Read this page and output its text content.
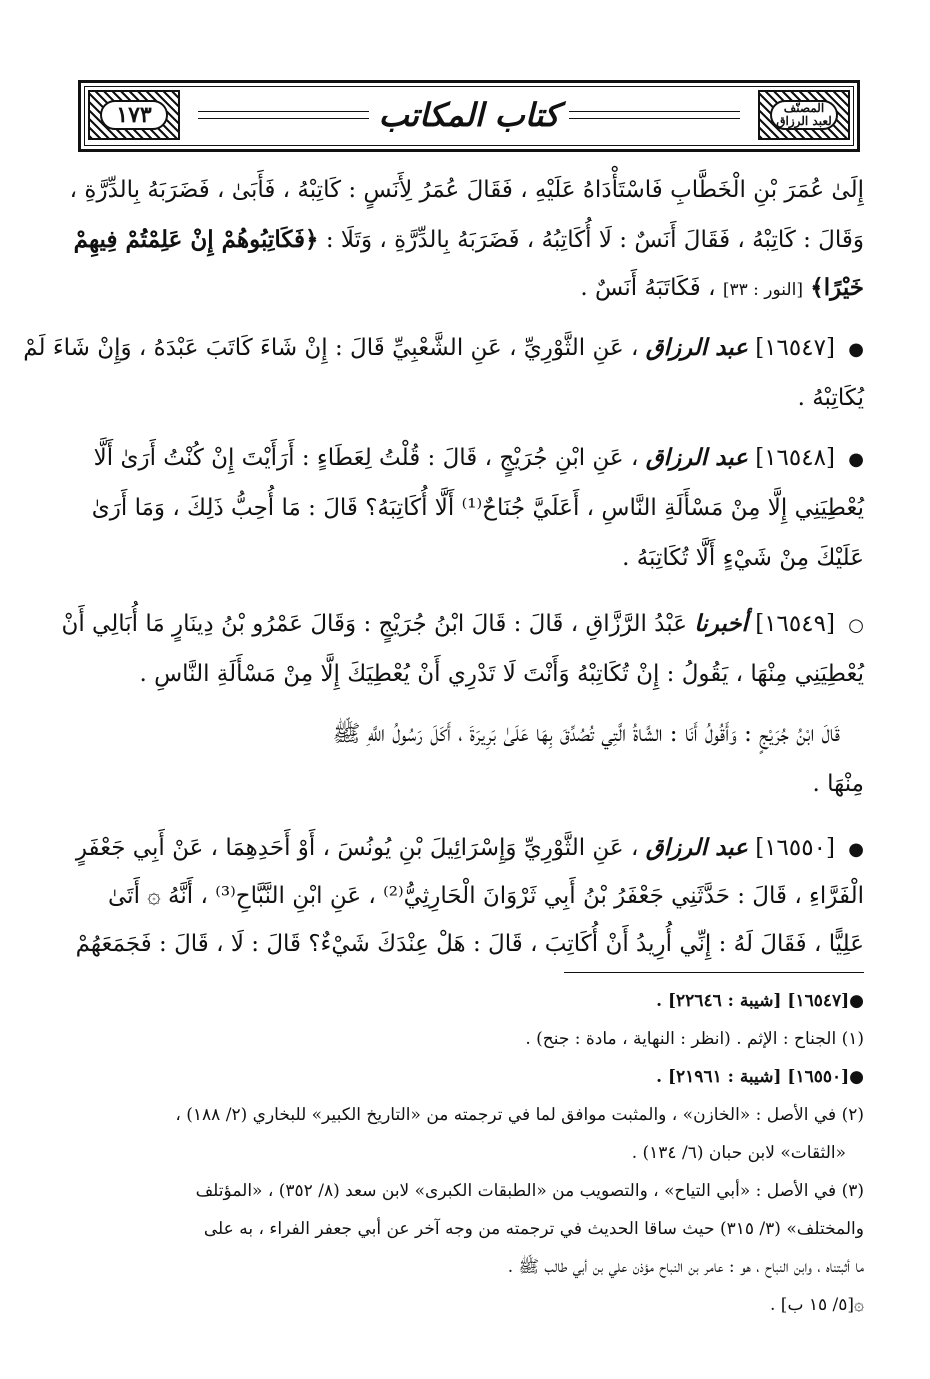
١٧٣	كتاب المكاتب	المصنّف
لعبد الرزاق
إِلَىٰ عُمَرَ بْنِ الْخَطَّابِ فَاسْتَأْدَاهُ عَلَيْهِ ، فَقَالَ عُمَرُ لِأَنَسٍ : كَاتِبْهُ ، فَأَبَىٰ ، فَضَرَبَهُ بِالدِّرَّةِ ،
وَقَالَ : كَاتِبْهُ ، فَقَالَ أَنَسٌ : لَا أُكَاتِبُهُ ، فَضَرَبَهُ بِالدِّرَّةِ ، وَتَلَا : ﴿فَكَاتِبُوهُمْ إِنْ عَلِمْتُمْ فِيهِمْ
خَيْرًا﴾ [النور : ٣٣] ، فَكَاتَبَهُ أَنَسٌ .
● [١٦٥٤٧] عبد الرزاق ، عَنِ الثَّوْرِيِّ ، عَنِ الشَّعْبِيِّ قَالَ : إِنْ شَاءَ كَاتَبَ عَبْدَهُ ، وَإِنْ شَاءَ لَمْ
يُكَاتِبْهُ .
● [١٦٥٤٨] عبد الرزاق ، عَنِ ابْنِ جُرَيْجٍ ، قَالَ : قُلْتُ لِعَطَاءٍ : أَرَأَيْتَ إِنْ كُنْتُ أَرَىٰ أَلَّا
يُعْطِيَنِي إِلَّا مِنْ مَسْأَلَةِ النَّاسِ ، أَعَلَيَّ جُنَاحٌ⁽¹⁾ أَلَّا أُكَاتِبَهُ؟ قَالَ : مَا أُحِبُّ ذَلِكَ ، وَمَا أَرَىٰ
عَلَيْكَ مِنْ شَيْءٍ أَلَّا تُكَاتِبَهُ .
○ [١٦٥٤٩] أخبرنا عَبْدُ الرَّزَّاقِ ، قَالَ : قَالَ ابْنُ جُرَيْجٍ : وَقَالَ عَمْرُو بْنُ دِينَارٍ مَا أُبَالِي أَنْ
يُعْطِيَنِي مِنْهَا ، يَقُولُ : إِنْ تُكَاتِبْهُ وَأَنْتَ لَا تَدْرِي أَنْ يُعْطِيَكَ إِلَّا مِنْ مَسْأَلَةِ النَّاسِ .
قَالَ ابْنُ جُرَيْجٍ : وَأَقُولُ أَنَا : الشَّاةُ الَّتِي تُصُدِّقَ بِهَا عَلَىٰ بَرِيرَةَ ، أَكَلَ رَسُولُ اللَّهِ ﷺ
مِنْهَا .
● [١٦٥٥٠] عبد الرزاق ، عَنِ الثَّوْرِيِّ وَإِسْرَائِيلَ بْنِ يُونُسَ ، أَوْ أَحَدِهِمَا ، عَنْ أَبِي جَعْفَرٍ
الْفَرَّاءِ ، قَالَ : حَدَّثَنِي جَعْفَرُ بْنُ أَبِي ثَرْوَانَ الْحَارِثِيُّ⁽²⁾ ، عَنِ ابْنِ النَّبَّاحِ⁽³⁾ ، أَنَّهُ ۞ أَتَىٰ
عَلِيًّا ، فَقَالَ لَهُ : إِنِّي أُرِيدُ أَنْ أُكَاتِبَ ، قَالَ : هَلْ عِنْدَكَ شَيْءٌ؟ قَالَ : لَا ، قَالَ : فَجَمَعَهُمْ
●[١٦٥٤٧] [شيبة : ٢٢٦٤٦] .
(١) الجناح : الإثم . (انظر : النهاية ، مادة : جنح) .
●[١٦٥٥٠] [شيبة : ٢١٩٦١] .
(٢) في الأصل : «الخازن» ، والمثبت موافق لما في ترجمته من «التاريخ الكبير» للبخاري (٢/ ١٨٨) ،
«الثقات» لابن حبان (٦/ ١٣٤) .
(٣) في الأصل : «أبي التياح» ، والتصويب من «الطبقات الكبرى» لابن سعد (٨/ ٣٥٢) ، «المؤتلف
والمختلف» (٣/ ٣١٥) حيث ساقا الحديث في ترجمته من وجه آخر عن أبي جعفر الفراء ، به على
ما أثبتناه ، وابن النباح ، هو : عامر بن النباح مؤذن علي بن أبي طالب ﷺ .
۞[٥/ ١٥ ب] .
